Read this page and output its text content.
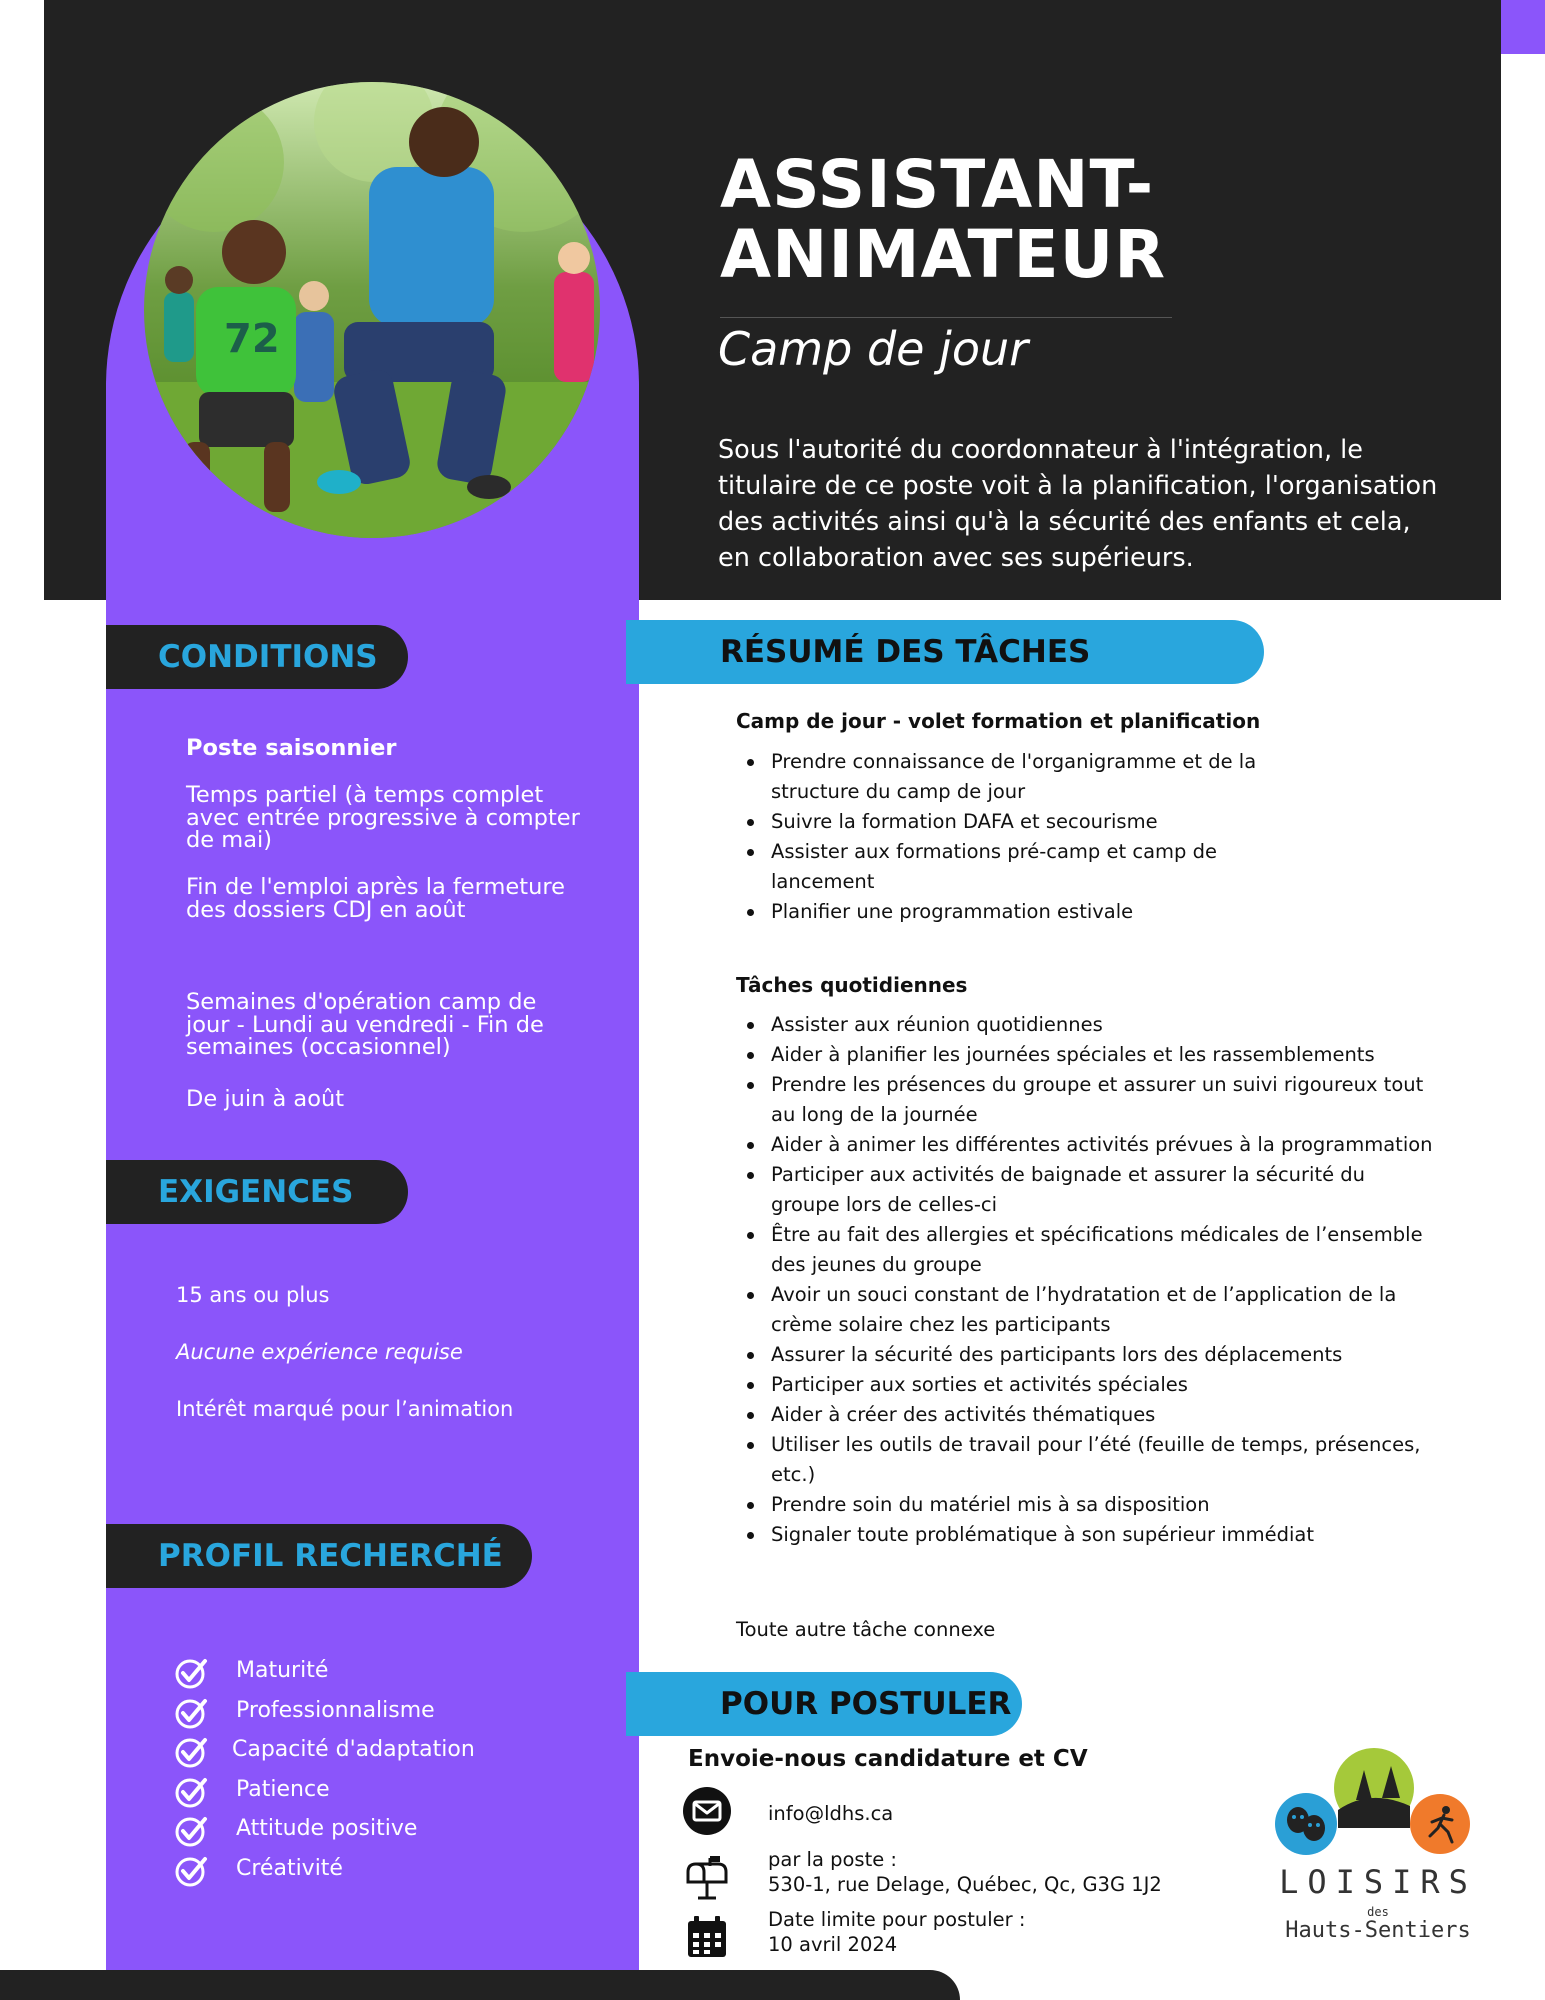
72
ASSISTANT-
ANIMATEUR
Camp de jour

Sous l'autorité du coordonnateur à l'intégration, le titulaire de ce poste voit à la planification, l'organisation des activités ainsi qu'à la sécurité des enfants et cela, en collaboration avec ses supérieurs.

CONDITIONS
Poste saisonnier
Temps partiel (à temps complet avec entrée progressive à compter de mai)
Fin de l'emploi après la fermeture des dossiers CDJ en août
Semaines d'opération camp de jour - Lundi au vendredi - Fin de semaines (occasionnel)
De juin à août
EXIGENCES
15 ans ou plus
Aucune expérience requise
Intérêt marqué pour l’animation
PROFIL RECHERCHÉ
Maturité
Professionnalisme
Capacité d'adaptation
Patience
Attitude positive
Créativité
RÉSUMÉ DES TÂCHES
Camp de jour - volet formation et planification
Prendre connaissance de l'organigramme et de la structure du camp de jour
Suivre la formation DAFA et secourisme
Assister aux formations pré-camp et camp de lancement
Planifier une programmation estivale
Tâches quotidiennes
Assister aux réunion quotidiennes
Aider à planifier les journées spéciales et les rassemblements
Prendre les présences du groupe et assurer un suivi rigoureux tout au long de la journée
Aider à animer les différentes activités prévues à la programmation
Participer aux activités de baignade et assurer la sécurité du groupe lors de celles-ci
Être au fait des allergies et spécifications médicales de l’ensemble des jeunes du groupe
Avoir un souci constant de l’hydratation et de l’application de la crème solaire chez les participants
Assurer la sécurité des participants lors des déplacements
Participer aux sorties et activités spéciales
Aider à créer des activités thématiques
Utiliser les outils de travail pour l’été (feuille de temps, présences, etc.)
Prendre soin du matériel mis à sa disposition
Signaler toute problématique à son supérieur immédiat
Toute autre tâche connexe
POUR POSTULER
Envoie-nous candidature et CV
info@ldhs.ca
par la poste :
530-1, rue Delage, Québec, Qc, G3G 1J2
Date limite pour postuler :
10 avril 2024
LOISIRS
des
Hauts-Sentiers
